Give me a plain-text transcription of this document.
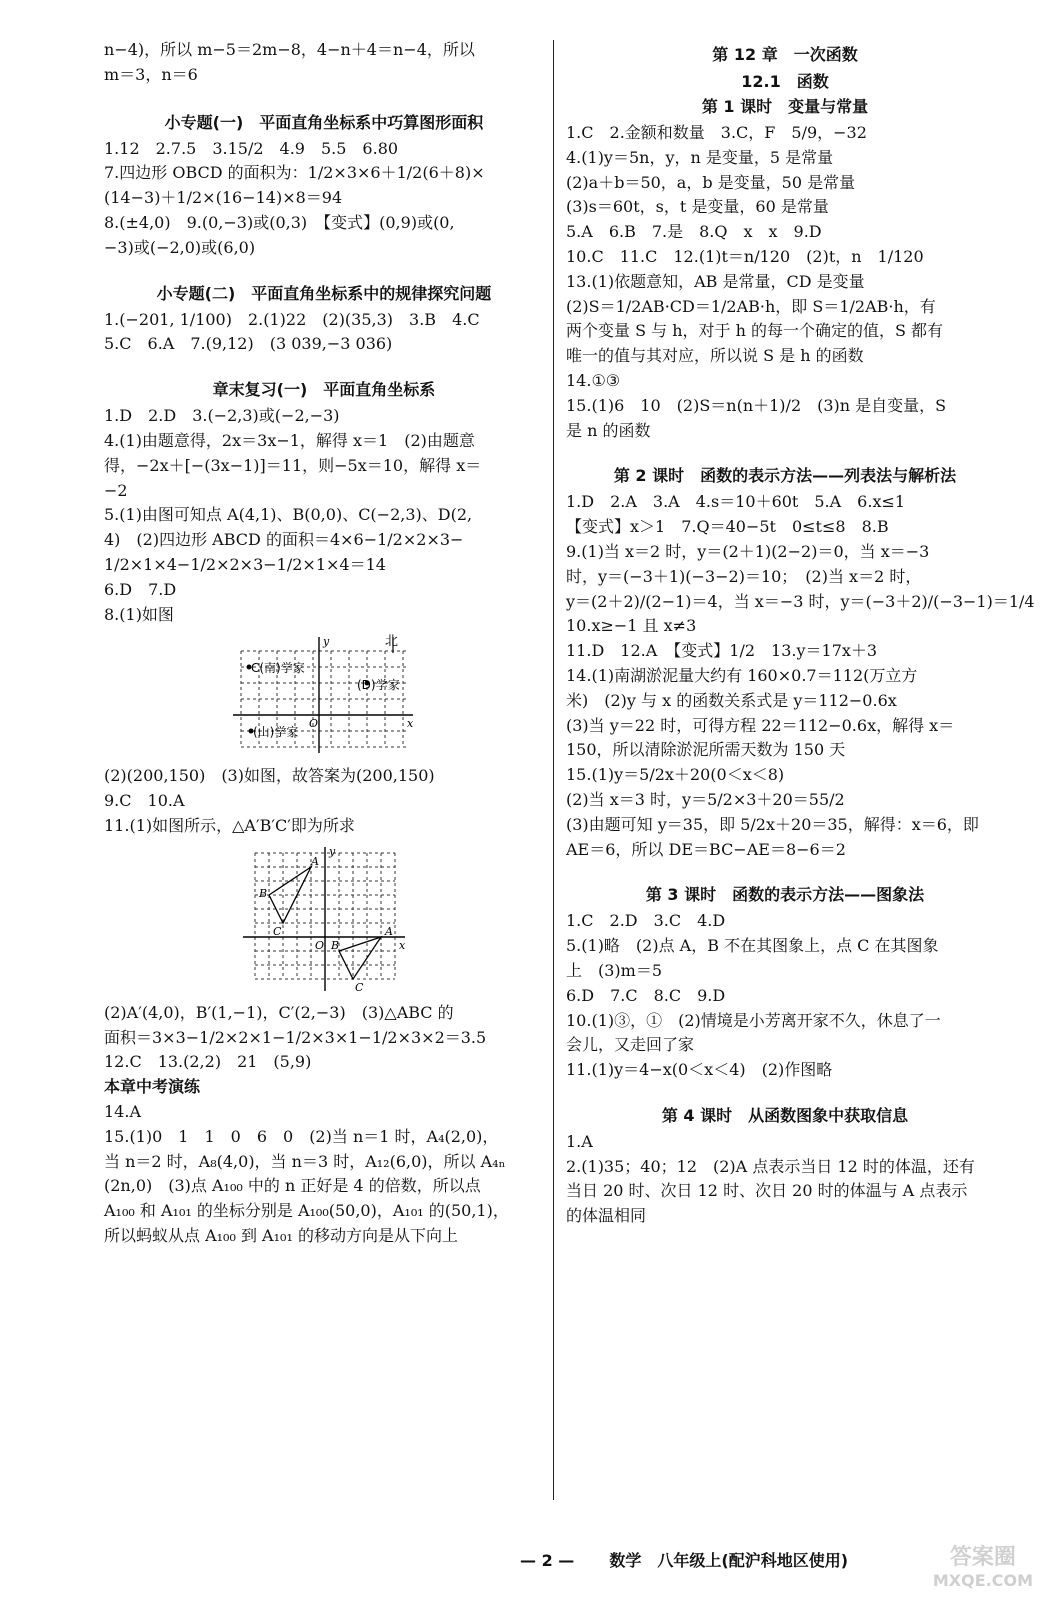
n−4)，所以 m−5＝2m−8，4−n＋4＝n−4，所以
m＝3，n＝6
小专题(一)　平面直角坐标系中巧算图形面积
1.12　2.7.5　3.15/2　4.9　5.5　6.80
7.四边形 OBCD 的面积为：1/2×3×6＋1/2(6＋8)×
(14−3)＋1/2×(16−14)×8＝94
8.(±4,0)　9.(0,−3)或(0,3)　【变式】(0,9)或(0,
−3)或(−2,0)或(6,0)
小专题(二)　平面直角坐标系中的规律探究问题
1.(−201, 1/100)　2.(1)22　(2)(35,3)　3.B　4.C
5.C　6.A　7.(9,12)　(3 039,−3 036)
章末复习(一)　平面直角坐标系
1.D　2.D　3.(−2,3)或(−2,−3)
4.(1)由题意得，2x＝3x−1，解得 x＝1　(2)由题意
得，−2x＋[−(3x−1)]＝11，则−5x＝10，解得 x＝
−2
5.(1)由图可知点 A(4,1)、B(0,0)、C(−2,3)、D(2,
4)　(2)四边形 ABCD 的面积＝4×6−1/2×2×3−
1/2×1×4−1/2×2×3−1/2×1×4＝14
6.D　7.D
8.(1)如图
北
C(南)学家
(D)学家
(山)学家
O	x
y
(2)(200,150)　(3)如图，故答案为(200,150)
9.C　10.A
11.(1)如图所示，△A′B′C′即为所求
y
x
O
A
B
C	A
B
C
(2)A′(4,0)，B′(1,−1)，C′(2,−3)　(3)△ABC 的
面积＝3×3−1/2×2×1−1/2×3×1−1/2×3×2＝3.5
12.C　13.(2,2)　21　(5,9)
本章中考演练
14.A
15.(1)0　1　1　0　6　0　(2)当 n＝1 时，A₄(2,0)，
当 n＝2 时，A₈(4,0)，当 n＝3 时，A₁₂(6,0)，所以 A₄ₙ
(2n,0)　(3)点 A₁₀₀ 中的 n 正好是 4 的倍数，所以点
A₁₀₀ 和 A₁₀₁ 的坐标分别是 A₁₀₀(50,0)，A₁₀₁ 的(50,1)，
所以蚂蚁从点 A₁₀₀ 到 A₁₀₁ 的移动方向是从下向上
第 12 章　一次函数
12.1　函数
第 1 课时　变量与常量
1.C　2.金额和数量　3.C，F　5/9，−32
4.(1)y＝5n，y，n 是变量，5 是常量
(2)a＋b＝50，a，b 是变量，50 是常量
(3)s＝60t，s，t 是变量，60 是常量
5.A　6.B　7.是　8.Q　x　x　9.D
10.C　11.C　12.(1)t＝n/120　(2)t，n　1/120
13.(1)依题意知，AB 是常量，CD 是变量
(2)S＝1/2AB·CD＝1/2AB·h，即 S＝1/2AB·h，有
两个变量 S 与 h，对于 h 的每一个确定的值，S 都有
唯一的值与其对应，所以说 S 是 h 的函数
14.①③
15.(1)6　10　(2)S＝n(n＋1)/2　(3)n 是自变量，S
是 n 的函数
第 2 课时　函数的表示方法——列表法与解析法
1.D　2.A　3.A　4.s＝10＋60t　5.A　6.x≤1
【变式】x＞1　7.Q＝40−5t　0≤t≤8　8.B
9.(1)当 x＝2 时，y＝(2＋1)(2−2)＝0，当 x＝−3
时，y＝(−3＋1)(−3−2)＝10；　(2)当 x＝2 时，
y＝(2＋2)/(2−1)＝4，当 x＝−3 时，y＝(−3＋2)/(−3−1)＝1/4
10.x≥−1 且 x≠3
11.D　12.A　【变式】1/2　13.y＝17x＋3
14.(1)南湖淤泥量大约有 160×0.7＝112(万立方
米)　(2)y 与 x 的函数关系式是 y＝112−0.6x
(3)当 y＝22 时，可得方程 22＝112−0.6x，解得 x＝
150，所以清除淤泥所需天数为 150 天
15.(1)y＝5/2x＋20(0＜x＜8)
(2)当 x＝3 时，y＝5/2×3＋20＝55/2
(3)由题可知 y＝35，即 5/2x＋20＝35，解得：x＝6，即
AE＝6，所以 DE＝BC−AE＝8−6＝2
第 3 课时　函数的表示方法——图象法
1.C　2.D　3.C　4.D
5.(1)略　(2)点 A，B 不在其图象上，点 C 在其图象
上　(3)m＝5
6.D　7.C　8.C　9.D
10.(1)③，①　(2)情境是小芳离开家不久，休息了一
会儿，又走回了家
11.(1)y＝4−x(0＜x＜4)　(2)作图略
第 4 课时　从函数图象中获取信息
1.A
2.(1)35；40；12　(2)A 点表示当日 12 时的体温，还有
当日 20 时、次日 12 时、次日 20 时的体温与 A 点表示
的体温相同
— 2 — 数学　八年级上(配沪科地区使用)	答案圈
MXQE.COM
